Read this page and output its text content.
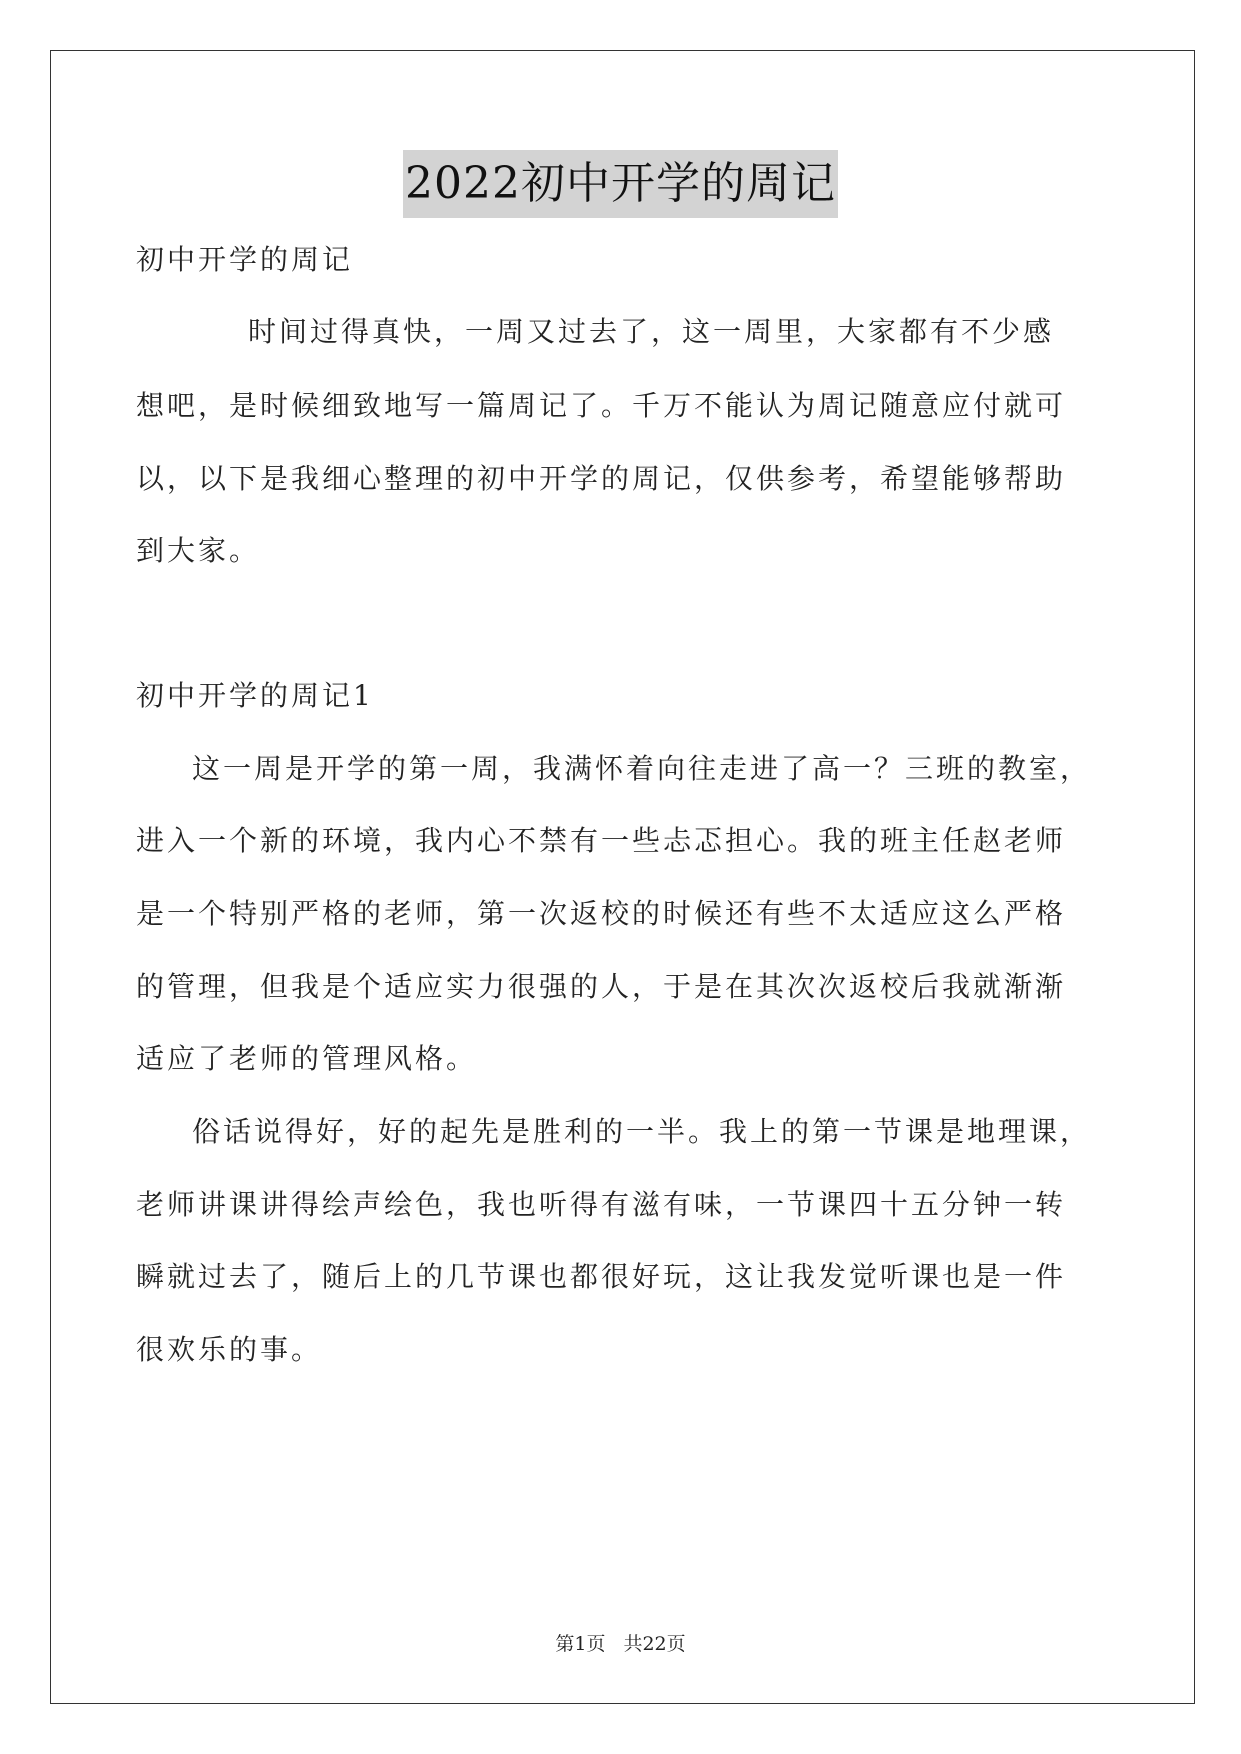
2022初中开学的周记
初中开学的周记
时间过得真快，一周又过去了，这一周里，大家都有不少感
想吧，是时候细致地写一篇周记了。千万不能认为周记随意应付就可
以，以下是我细心整理的初中开学的周记，仅供参考，希望能够帮助
到大家。
初中开学的周记1
这一周是开学的第一周，我满怀着向往走进了高一？三班的教室，
进入一个新的环境，我内心不禁有一些忐忑担心。我的班主任赵老师
是一个特别严格的老师，第一次返校的时候还有些不太适应这么严格
的管理，但我是个适应实力很强的人，于是在其次次返校后我就渐渐
适应了老师的管理风格。
俗话说得好，好的起先是胜利的一半。我上的第一节课是地理课，
老师讲课讲得绘声绘色，我也听得有滋有味，一节课四十五分钟一转
瞬就过去了，随后上的几节课也都很好玩，这让我发觉听课也是一件
很欢乐的事。
第1页 共22页
